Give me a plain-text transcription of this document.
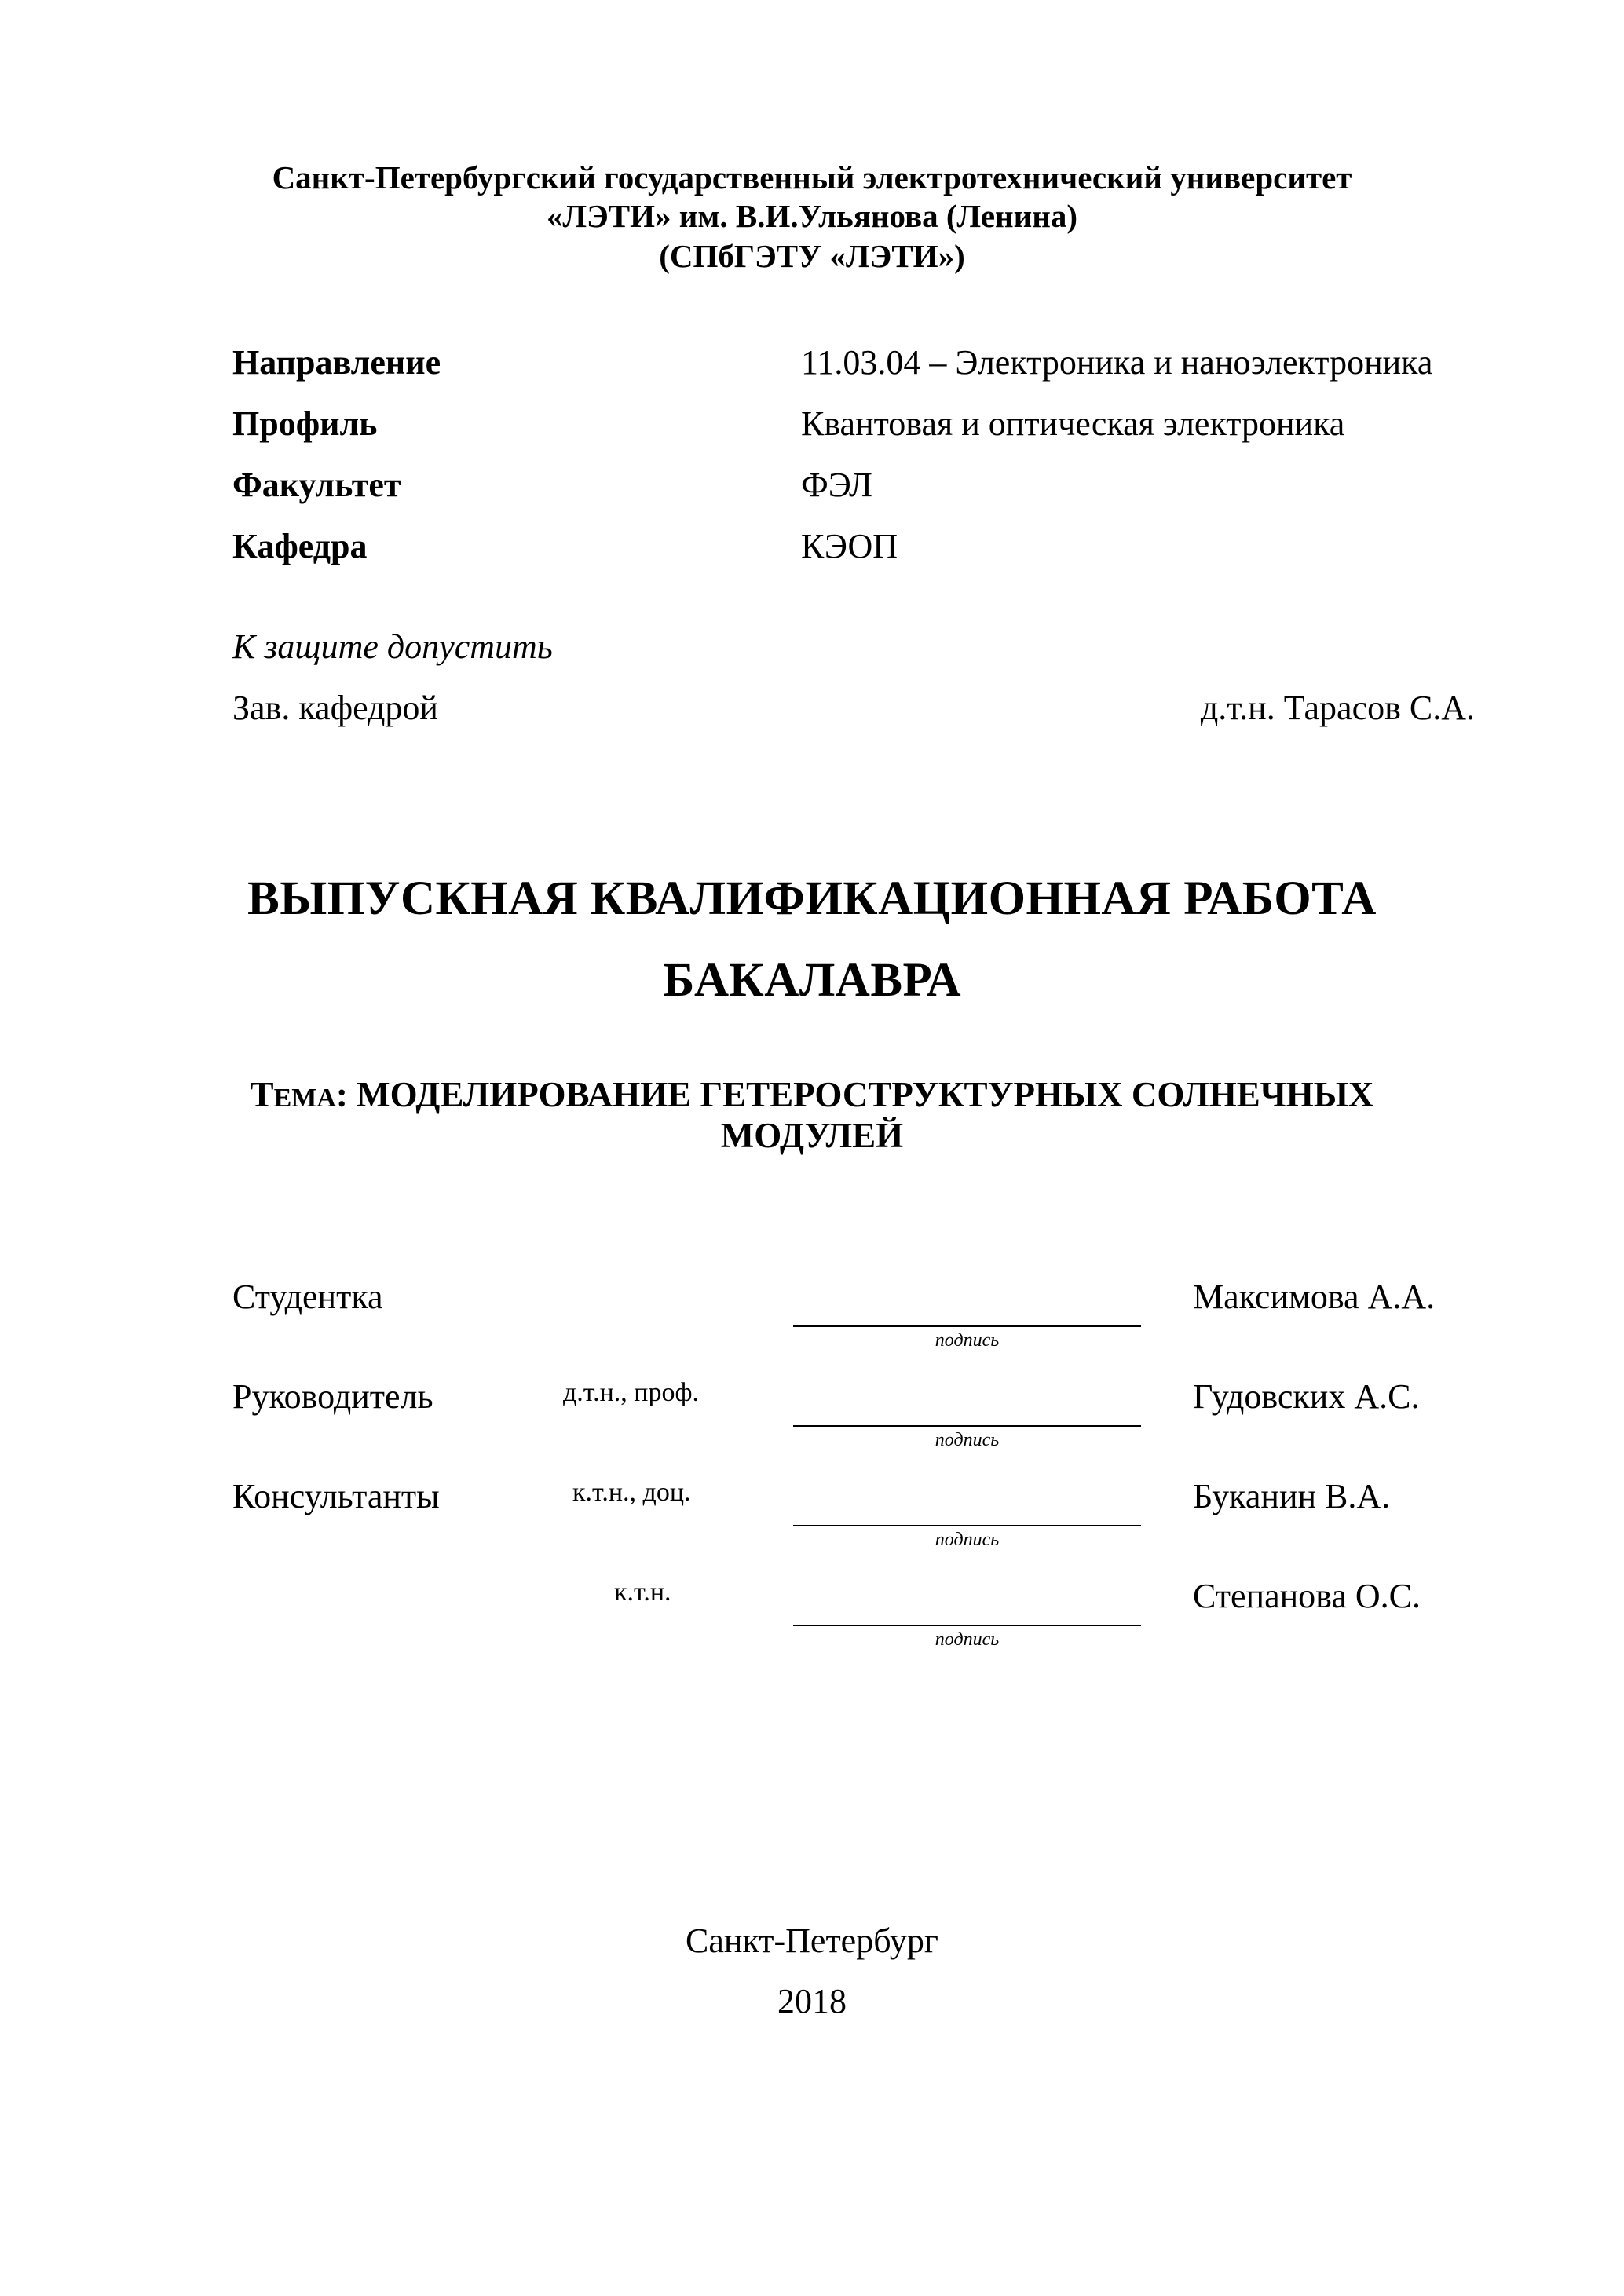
Санкт-Петербургский государственный электротехнический университет
«ЛЭТИ» им. В.И.Ульянова (Ленина)
(СПбГЭТУ «ЛЭТИ»)
Направление	11.03.04 – Электроника и наноэлектроника
Профиль	Квантовая и оптическая электроника
Факультет	ФЭЛ
Кафедра	КЭОП
К защите допустить
Зав. кафедрой	д.т.н. Тарасов С.А.
ВЫПУСКНАЯ КВАЛИФИКАЦИОННАЯ РАБОТА
БАКАЛАВРА
ТЕМА: МОДЕЛИРОВАНИЕ ГЕТЕРОСТРУКТУРНЫХ СОЛНЕЧНЫХ
МОДУЛЕЙ
Студентка	Максимова А.А.
подпись
Руководитель	д.т.н., проф.	Гудовских А.С.
подпись
Консультанты	к.т.н., доц.	Буканин В.А.
подпись
к.т.н.	Степанова О.С.
подпись
Санкт-Петербург
2018
